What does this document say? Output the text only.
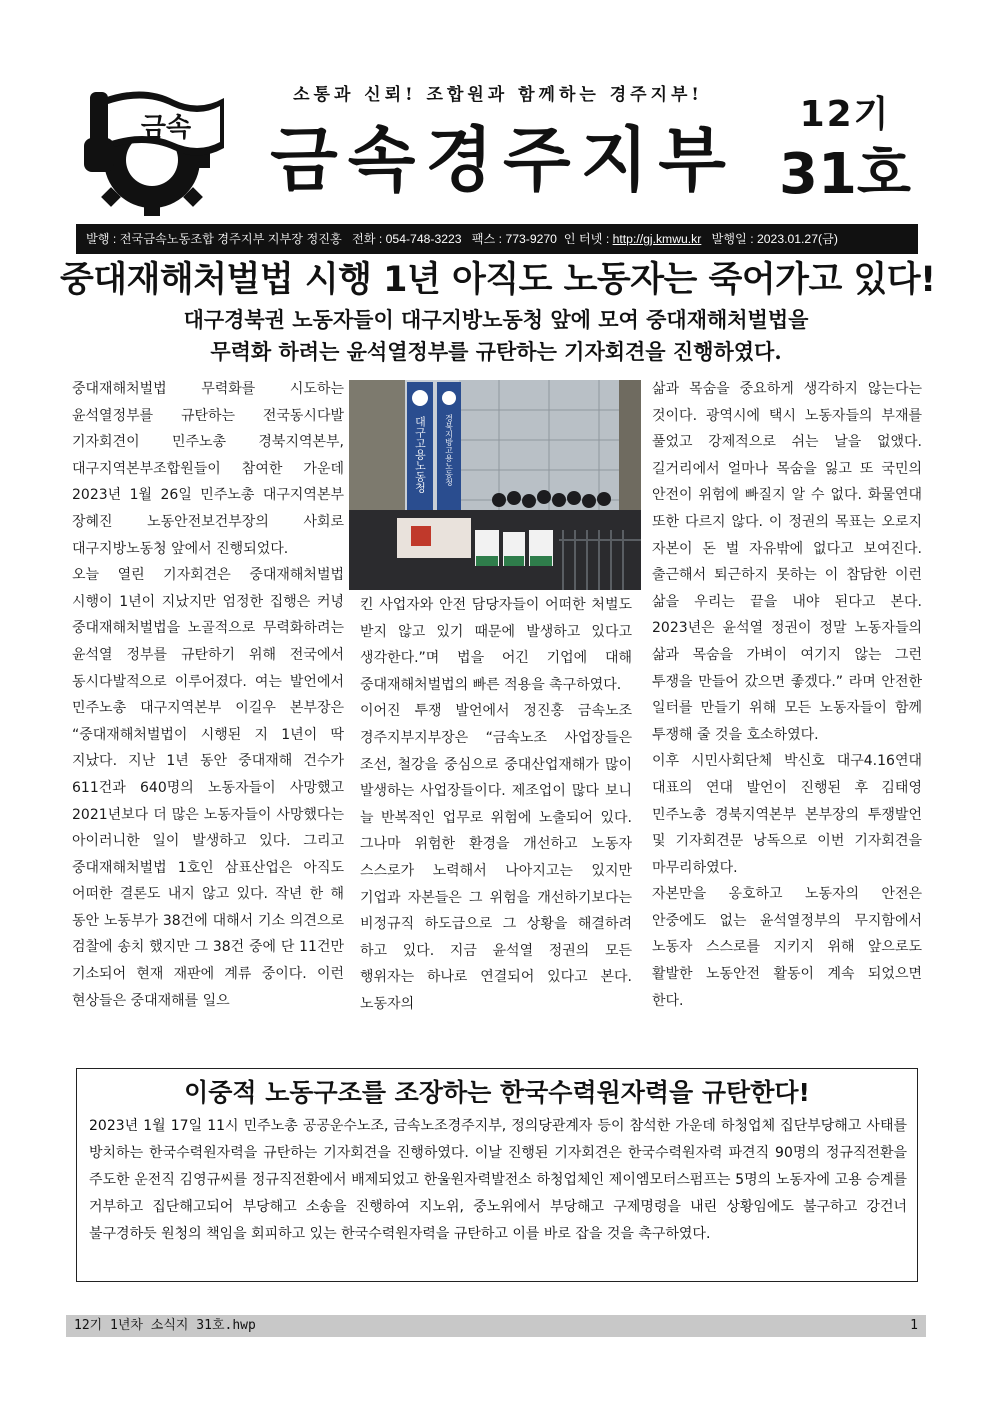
금속
소통과 신뢰! 조합원과 함께하는 경주지부!
금속경주지부
12기
31호
발행 : 전국금속노동조합 경주지부 지부장 정진홍 전화 : 054-748-3223 팩스 : 773-9270 인 터넷 : http://gj.kmwu.kr 발행일 : 2023.01.27(금)
중대재해처벌법 시행 1년 아직도 노동자는 죽어가고 있다!
대구경북권 노동자들이 대구지방노동청 앞에 모여 중대재해처벌법을
무력화 하려는 윤석열정부를 규탄하는 기자회견을 진행하였다.

중대재해처벌법 무력화를 시도하는 윤석열정부를 규탄하는 전국동시다발 기자회견이 민주노총 경북지역본부, 대구지역본부조합원들이 참여한 가운데 2023년 1월 26일 민주노총 대구지역본부 장혜진 노동안전보건부장의 사회로 대구지방노동청 앞에서 진행되었다.

오늘 열린 기자회견은 중대재해처벌법 시행이 1년이 지났지만 엄정한 집행은 커녕 중대재해처벌법을 노골적으로 무력화하려는 윤석열 정부를 규탄하기 위해 전국에서 동시다발적으로 이루어졌다. 여는 발언에서 민주노총 대구지역본부 이길우 본부장은 “중대재해처벌법이 시행된 지 1년이 딱 지났다. 지난 1년 동안 중대재해 건수가 611건과 640명의 노동자들이 사망했고 2021년보다 더 많은 노동자들이 사망했다는 아이러니한 일이 발생하고 있다. 그리고 중대재해처벌법 1호인 삼표산업은 아직도 어떠한 결론도 내지 않고 있다. 작년 한 해 동안 노동부가 38건에 대해서 기소 의견으로 검찰에 송치 했지만 그 38건 중에 단 11건만 기소되어 현재 재판에 계류 중이다. 이런 현상들은 중대재해를 일으

대구고용노동청 경북지방고용노동청

킨 사업자와 안전 담당자들이 어떠한 처벌도 받지 않고 있기 때문에 발생하고 있다고 생각한다.”며 법을 어긴 기업에 대해 중대재해처벌법의 빠른 적용을 촉구하였다.

이어진 투쟁 발언에서 정진홍 금속노조 경주지부지부장은 “금속노조 사업장들은 조선, 철강을 중심으로 중대산업재해가 많이 발생하는 사업장들이다. 제조업이 많다 보니 늘 반복적인 업무로 위험에 노출되어 있다. 그나마 위험한 환경을 개선하고 노동자 스스로가 노력해서 나아지고는 있지만 기업과 자본들은 그 위험을 개선하기보다는 비정규직 하도급으로 그 상황을 해결하려 하고 있다. 지금 윤석열 정권의 모든 행위자는 하나로 연결되어 있다고 본다. 노동자의

삶과 목숨을 중요하게 생각하지 않는다는 것이다. 광역시에 택시 노동자들의 부재를 풀었고 강제적으로 쉬는 날을 없앴다. 길거리에서 얼마나 목숨을 잃고 또 국민의 안전이 위험에 빠질지 알 수 없다. 화물연대 또한 다르지 않다. 이 정권의 목표는 오로지 자본이 돈 벌 자유밖에 없다고 보여진다. 출근해서 퇴근하지 못하는 이 참담한 이런 삶을 우리는 끝을 내야 된다고 본다. 2023년은 윤석열 정권이 정말 노동자들의 삶과 목숨을 가벼이 여기지 않는 그런 투쟁을 만들어 갔으면 좋겠다.” 라며 안전한 일터를 만들기 위해 모든 노동자들이 함께 투쟁해 줄 것을 호소하였다.

이후 시민사회단체 박신호 대구4.16연대 대표의 연대 발언이 진행된 후 김태영 민주노총 경북지역본부 본부장의 투쟁발언 및 기자회견문 낭독으로 이번 기자회견을 마무리하였다.

자본만을 옹호하고 노동자의 안전은 안중에도 없는 윤석열정부의 무지함에서 노동자 스스로를 지키지 위해 앞으로도 활발한 노동안전 활동이 계속 되었으면 한다.

이중적 노동구조를 조장하는 한국수력원자력을 규탄한다!
2023년 1월 17일 11시 민주노총 공공운수노조, 금속노조경주지부, 정의당관계자 등이 참석한 가운데 하청업체 집단부당해고 사태를 방치하는 한국수력원자력을 규탄하는 기자회견을 진행하였다. 이날 진행된 기자회견은 한국수력원자력 파견직 90명의 정규직전환을 주도한 운전직 김영규씨를 정규직전환에서 배제되었고 한울원자력발전소 하청업체인 제이엠모터스펌프는 5명의 노동자에 고용 승계를 거부하고 집단해고되어 부당해고 소송을 진행하여 지노위, 중노위에서 부당해고 구제명령을 내린 상황임에도 불구하고 강건너 불구경하듯 원청의 책임을 회피하고 있는 한국수력원자력을 규탄하고 이를 바로 잡을 것을 촉구하였다.
12기 1년차 소식지 31호.hwp	1
